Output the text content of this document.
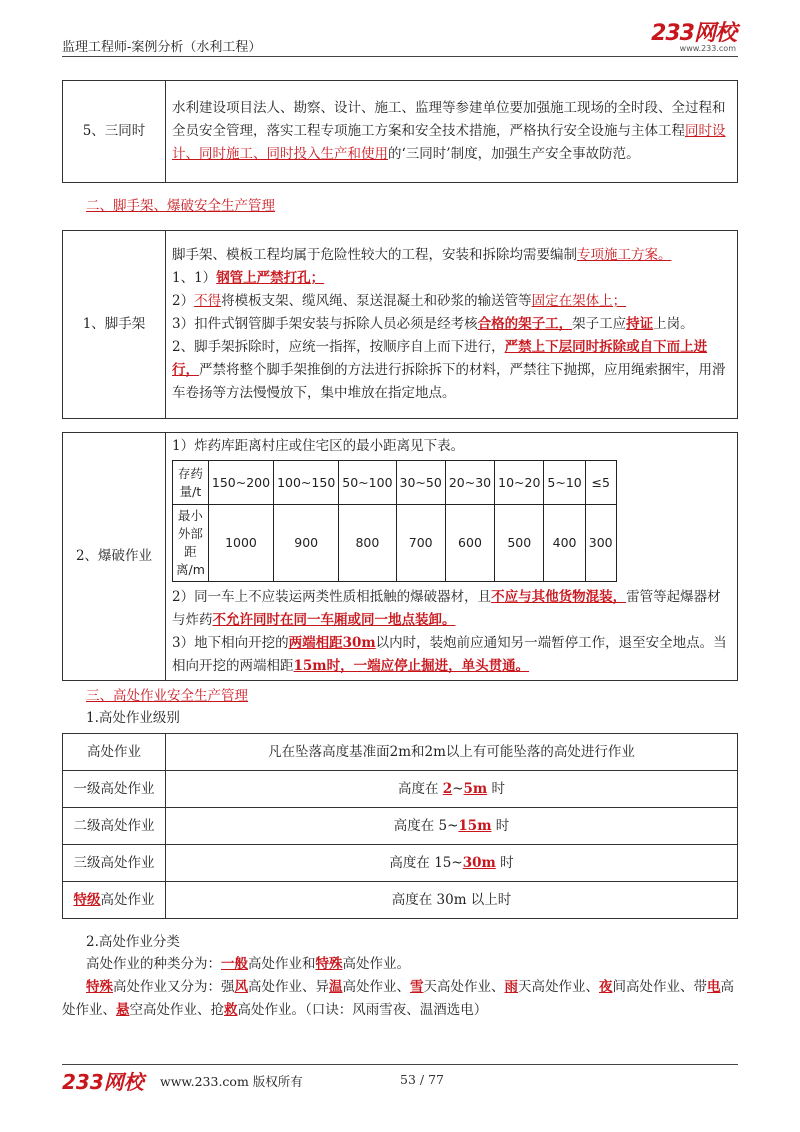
监理工程师-案例分析（水利工程）
233网校
www.233.com
5、三同时	水利建设项目法人、勘察、设计、施工、监理等参建单位要加强施工现场的全时段、全过程和全员安全管理，落实工程专项施工方案和安全技术措施，严格执行安全设施与主体工程同时设计、同时施工、同时投入生产和使用的‘三同时’制度，加强生产安全事故防范。
二、脚手架、爆破安全生产管理
1、脚手架	
脚手架、模板工程均属于危险性较大的工程，安装和拆除均需要编制专项施工方案。
1、1）钢管上严禁打孔；
2）不得将模板支架、缆风绳、泵送混凝土和砂浆的输送管等固定在架体上；
3）扣件式钢管脚手架安装与拆除人员必须是经考核合格的架子工，架子工应持证上岗。
2、脚手架拆除时，应统一指挥，按顺序自上而下进行，严禁上下层同时拆除或自下而上进行，严禁将整个脚手架推倒的方法进行拆除拆下的材料，严禁往下抛掷，应用绳索捆牢，用滑车卷扬等方法慢慢放下，集中堆放在指定地点。
2、爆破作业	
1）炸药库距离村庄或住宅区的最小距离见下表。
存药量/t	150~200	100~150	50~100	30~50	20~30	10~20	5~10	≤5
最小外部距离/m	1000	900	800	700	600	500	400	300
2）同一车上不应装运两类性质相抵触的爆破器材，且不应与其他货物混装，雷管等起爆器材与炸药不允许同时在同一车厢或同一地点装卸。
3）地下相向开挖的两端相距30m以内时，装炮前应通知另一端暂停工作，退至安全地点。当相向开挖的两端相距15m时，一端应停止掘进，单头贯通。
三、高处作业安全生产管理
1.高处作业级别
高处作业	凡在坠落高度基准面2m和2m以上有可能坠落的高处进行作业
一级高处作业	高度在 2~5m 时
二级高处作业	高度在 5~15m 时
三级高处作业	高度在 15~30m 时
特级高处作业	高度在 30m 以上时
2.高处作业分类
高处作业的种类分为：一般高处作业和特殊高处作业。
特殊高处作业又分为：强风高处作业、异温高处作业、雪天高处作业、雨天高处作业、夜间高处作业、带电高处作业、悬空高处作业、抢救高处作业。（口诀：风雨雪夜、温酒选电）
233网校 www.233.com 版权所有	53 / 77
